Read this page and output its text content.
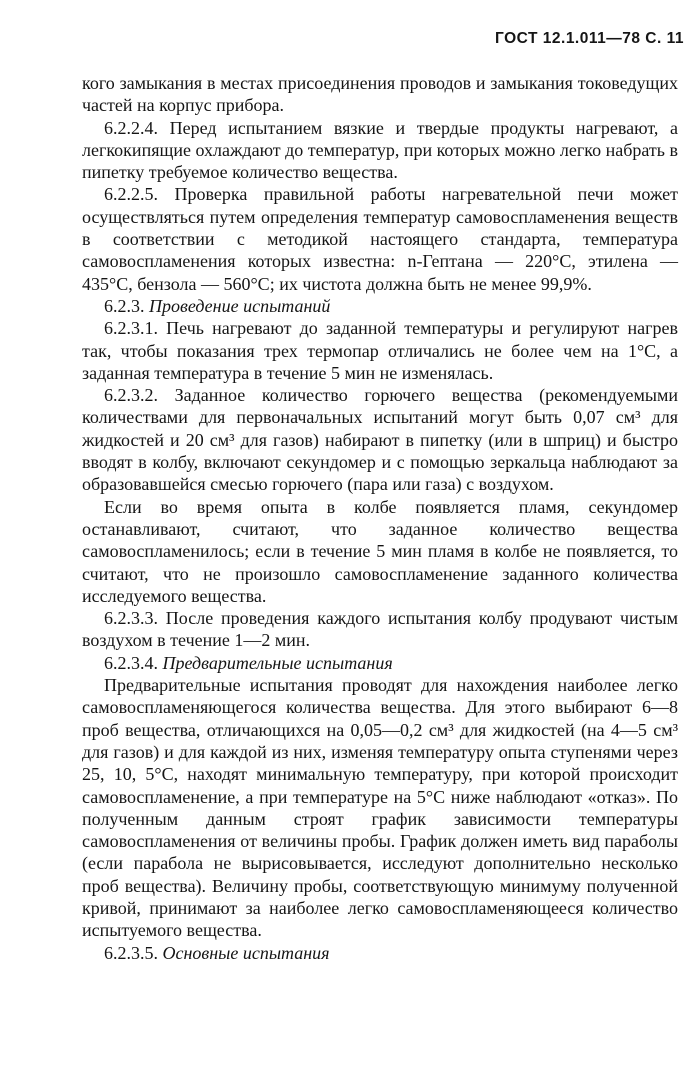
ГОСТ 12.1.011—78 С. 11

кого замыкания в местах присоединения проводов и замыкания токоведущих частей на корпус прибора.

6.2.2.4. Перед испытанием вязкие и твердые продукты нагревают, а легкокипящие охлаждают до температур, при которых можно легко набрать в пипетку требуемое количество вещества.

6.2.2.5. Проверка правильной работы нагревательной печи может осуществляться путем определения температур самовоспламенения веществ в соответствии с методикой настоящего стандарта, температура самовоспламенения которых известна: n-Гептана — 220°С, этилена — 435°С, бензола — 560°С; их чистота должна быть не менее 99,9%.

6.2.3. Проведение испытаний

6.2.3.1. Печь нагревают до заданной температуры и регулируют нагрев так, чтобы показания трех термопар отличались не более чем на 1°С, а заданная температура в течение 5 мин не изменялась.

6.2.3.2. Заданное количество горючего вещества (рекомендуемыми количествами для первоначальных испытаний могут быть 0,07 см³ для жидкостей и 20 см³ для газов) набирают в пипетку (или в шприц) и быстро вводят в колбу, включают секундомер и с помощью зеркальца наблюдают за образовавшейся смесью горючего (пара или газа) с воздухом.

Если во время опыта в колбе появляется пламя, секундомер останавливают, считают, что заданное количество вещества самовоспламенилось; если в течение 5 мин пламя в колбе не появляется, то считают, что не произошло самовоспламенение заданного количества исследуемого вещества.

6.2.3.3. После проведения каждого испытания колбу продувают чистым воздухом в течение 1—2 мин.

6.2.3.4. Предварительные испытания

Предварительные испытания проводят для нахождения наиболее легко самовоспламеняющегося количества вещества. Для этого выбирают 6—8 проб вещества, отличающихся на 0,05—0,2 см³ для жидкостей (на 4—5 см³ для газов) и для каждой из них, изменяя температуру опыта ступенями через 25, 10, 5°С, находят минимальную температуру, при которой происходит самовоспламенение, а при температуре на 5°С ниже наблюдают «отказ». По полученным данным строят график зависимости температуры самовоспламенения от величины пробы. График должен иметь вид параболы (если парабола не вырисовывается, исследуют дополнительно несколько проб вещества). Величину пробы, соответствующую минимуму полученной кривой, принимают за наиболее легко самовоспламеняющееся количество испытуемого вещества.

6.2.3.5. Основные испытания
